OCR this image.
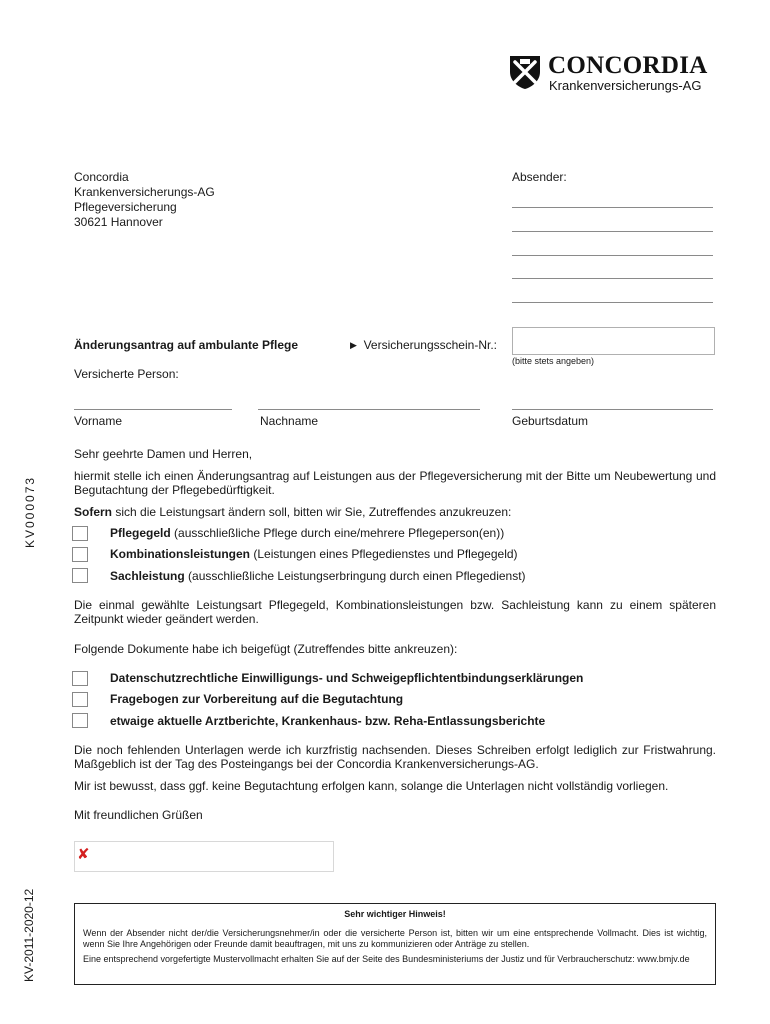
CONCORDIA
Krankenversicherungs-AG
Concordia
Krankenversicherungs-AG
Pflegeversicherung
30621 Hannover
Absender:
Änderungsantrag auf ambulante Pflege	▶ Versicherungsschein-Nr.:
(bitte stets angeben)
Versicherte Person:
Vorname	Nachname	Geburtsdatum
Sehr geehrte Damen und Herren,
hiermit stelle ich einen Änderungsantrag auf Leistungen aus der Pflegeversicherung mit der Bitte um Neubewertung und Begutachtung der Pflegebedürftigkeit.
Sofern sich die Leistungsart ändern soll, bitten wir Sie, Zutreffendes anzukreuzen:
Pflegegeld (ausschließliche Pflege durch eine/mehrere Pflegeperson(en))
Kombinationsleistungen (Leistungen eines Pflegedienstes und Pflegegeld)
Sachleistung (ausschließliche Leistungserbringung durch einen Pflegedienst)
Die einmal gewählte Leistungsart Pflegegeld, Kombinationsleistungen bzw. Sachleistung kann zu einem späteren Zeitpunkt wieder geändert werden.
Folgende Dokumente habe ich beigefügt (Zutreffendes bitte ankreuzen):
Datenschutzrechtliche Einwilligungs- und Schweigepflichtentbindungserklärungen
Fragebogen zur Vorbereitung auf die Begutachtung
etwaige aktuelle Arztberichte, Krankenhaus- bzw. Reha-Entlassungsberichte
Die noch fehlenden Unterlagen werde ich kurzfristig nachsenden. Dieses Schreiben erfolgt lediglich zur Fristwahrung. Maßgeblich ist der Tag des Posteingangs bei der Concordia Krankenversicherungs-AG.
Mir ist bewusst, dass ggf. keine Begutachtung erfolgen kann, solange die Unterlagen nicht vollständig vorliegen.
Mit freundlichen Grüßen
✘
KV000073
KV-2011-2020-12	Sehr wichtiger Hinweis!
Wenn der Absender nicht der/die Versicherungsnehmer/in oder die versicherte Person ist, bitten wir um eine entsprechende Vollmacht. Dies ist wichtig, wenn Sie Ihre Angehörigen oder Freunde damit beauftragen, mit uns zu kommunizieren oder Anträge zu stellen.
Eine entsprechend vorgefertigte Mustervollmacht erhalten Sie auf der Seite des Bundesministeriums der Justiz und für Verbraucherschutz: www.bmjv.de
